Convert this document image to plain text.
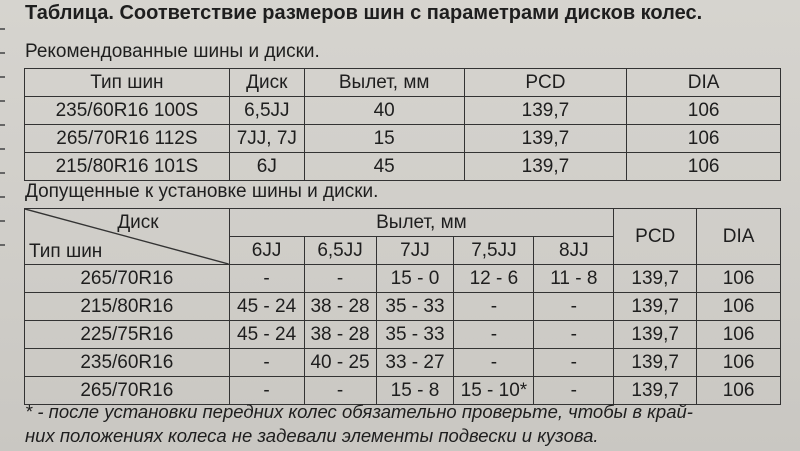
Таблица. Соответствие размеров шин с параметрами дисков колес.
Рекомендованные шины и диски.
Тип шин	Диск	Вылет, мм	PCD	DIA
235/60R16 100S	6,5JJ	40	139,7	106
265/70R16 112S	7JJ, 7J	15	139,7	106
215/80R16 101S	6J	45	139,7	106
Допущенные к установке шины и диски.
Диск
Тип шин	Вылет, мм					PCD	DIA
	6JJ	6,5JJ	7JJ	7,5JJ	8JJ		
265/70R16	-	-	15 - 0	12 - 6	11 - 8	139,7	106
215/80R16	45 - 24	38 - 28	35 - 33	-	-	139,7	106
225/75R16	45 - 24	38 - 28	35 - 33	-	-	139,7	106
235/60R16	-	40 - 25	33 - 27	-	-	139,7	106
265/70R16	-	-	15 - 8	15 - 10*	-	139,7	106
* - после установки передних колес обязательно проверьте, чтобы в край-
них положениях колеса не задевали элементы подвески и кузова.
